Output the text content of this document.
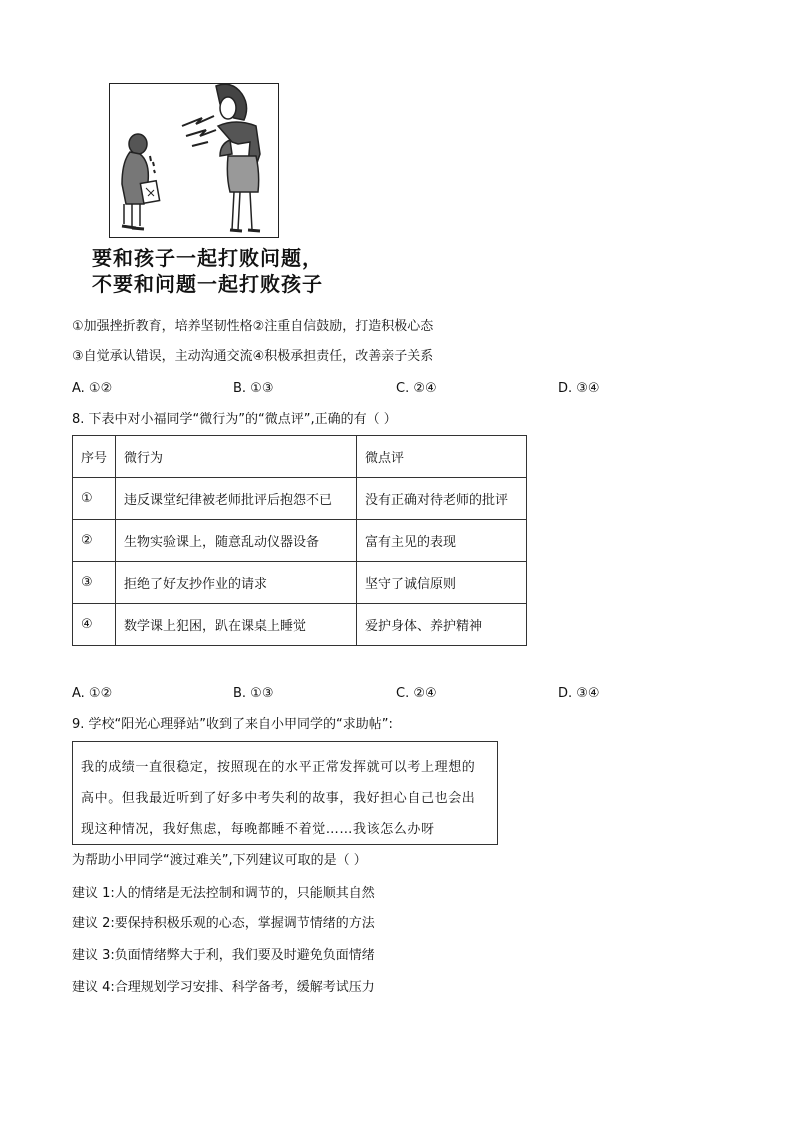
要和孩子一起打败问题，
不要和问题一起打败孩子
①加强挫折教育，培养坚韧性格②注重自信鼓励，打造积极心态
③自觉承认错误，主动沟通交流④积极承担责任，改善亲子关系
A. ①②	B. ①③	C. ②④	D. ③④
8. 下表中对小福同学“微行为”的“微点评”,正确的有（ ）
序号	微行为	微点评
①	违反课堂纪律被老师批评后抱怨不已	没有正确对待老师的批评
②	生物实验课上，随意乱动仪器设备	富有主见的表现
③	拒绝了好友抄作业的请求	坚守了诚信原则
④	数学课上犯困，趴在课桌上睡觉	爱护身体、养护精神
A. ①②	B. ①③	C. ②④	D. ③④
9. 学校“阳光心理驿站”收到了来自小甲同学的“求助帖”:
我的成绩一直很稳定，按照现在的水平正常发挥就可以考上理想的
高中。但我最近听到了好多中考失利的故事，我好担心自己也会出
现这种情况，我好焦虑，每晚都睡不着觉……我该怎么办呀
为帮助小甲同学“渡过难关”,下列建议可取的是（ ）
建议 1:人的情绪是无法控制和调节的，只能顺其自然
建议 2:要保持积极乐观的心态，掌握调节情绪的方法
建议 3:负面情绪弊大于利，我们要及时避免负面情绪
建议 4:合理规划学习安排、科学备考，缓解考试压力
